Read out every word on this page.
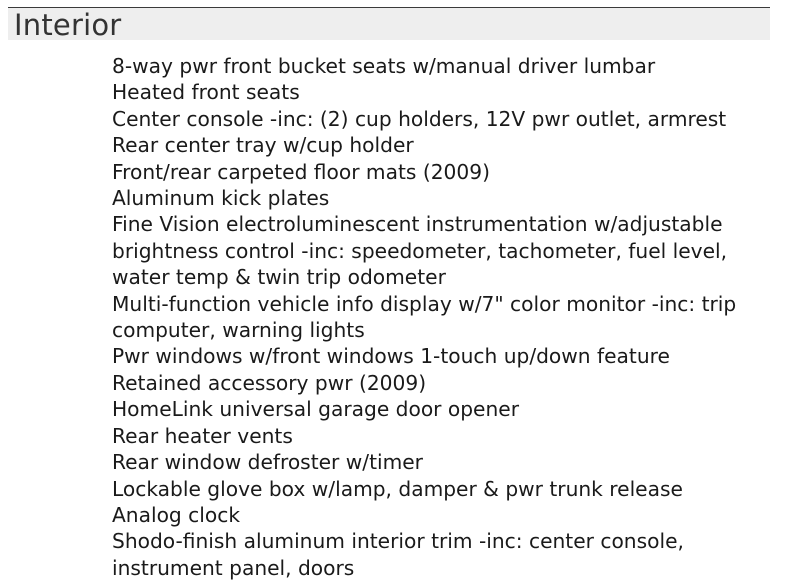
Interior
8-way pwr front bucket seats w/manual driver lumbar
Heated front seats
Center console -inc: (2) cup holders, 12V pwr outlet, armrest
Rear center tray w/cup holder
Front/rear carpeted floor mats (2009)
Aluminum kick plates
Fine Vision electroluminescent instrumentation w/adjustable brightness control -inc: speedometer, tachometer, fuel level, water temp & twin trip odometer
Multi-function vehicle info display w/7" color monitor -inc: trip computer, warning lights
Pwr windows w/front windows 1-touch up/down feature
Retained accessory pwr (2009)
HomeLink universal garage door opener
Rear heater vents
Rear window defroster w/timer
Lockable glove box w/lamp, damper & pwr trunk release
Analog clock
Shodo-finish aluminum interior trim -inc: center console, instrument panel, doors
